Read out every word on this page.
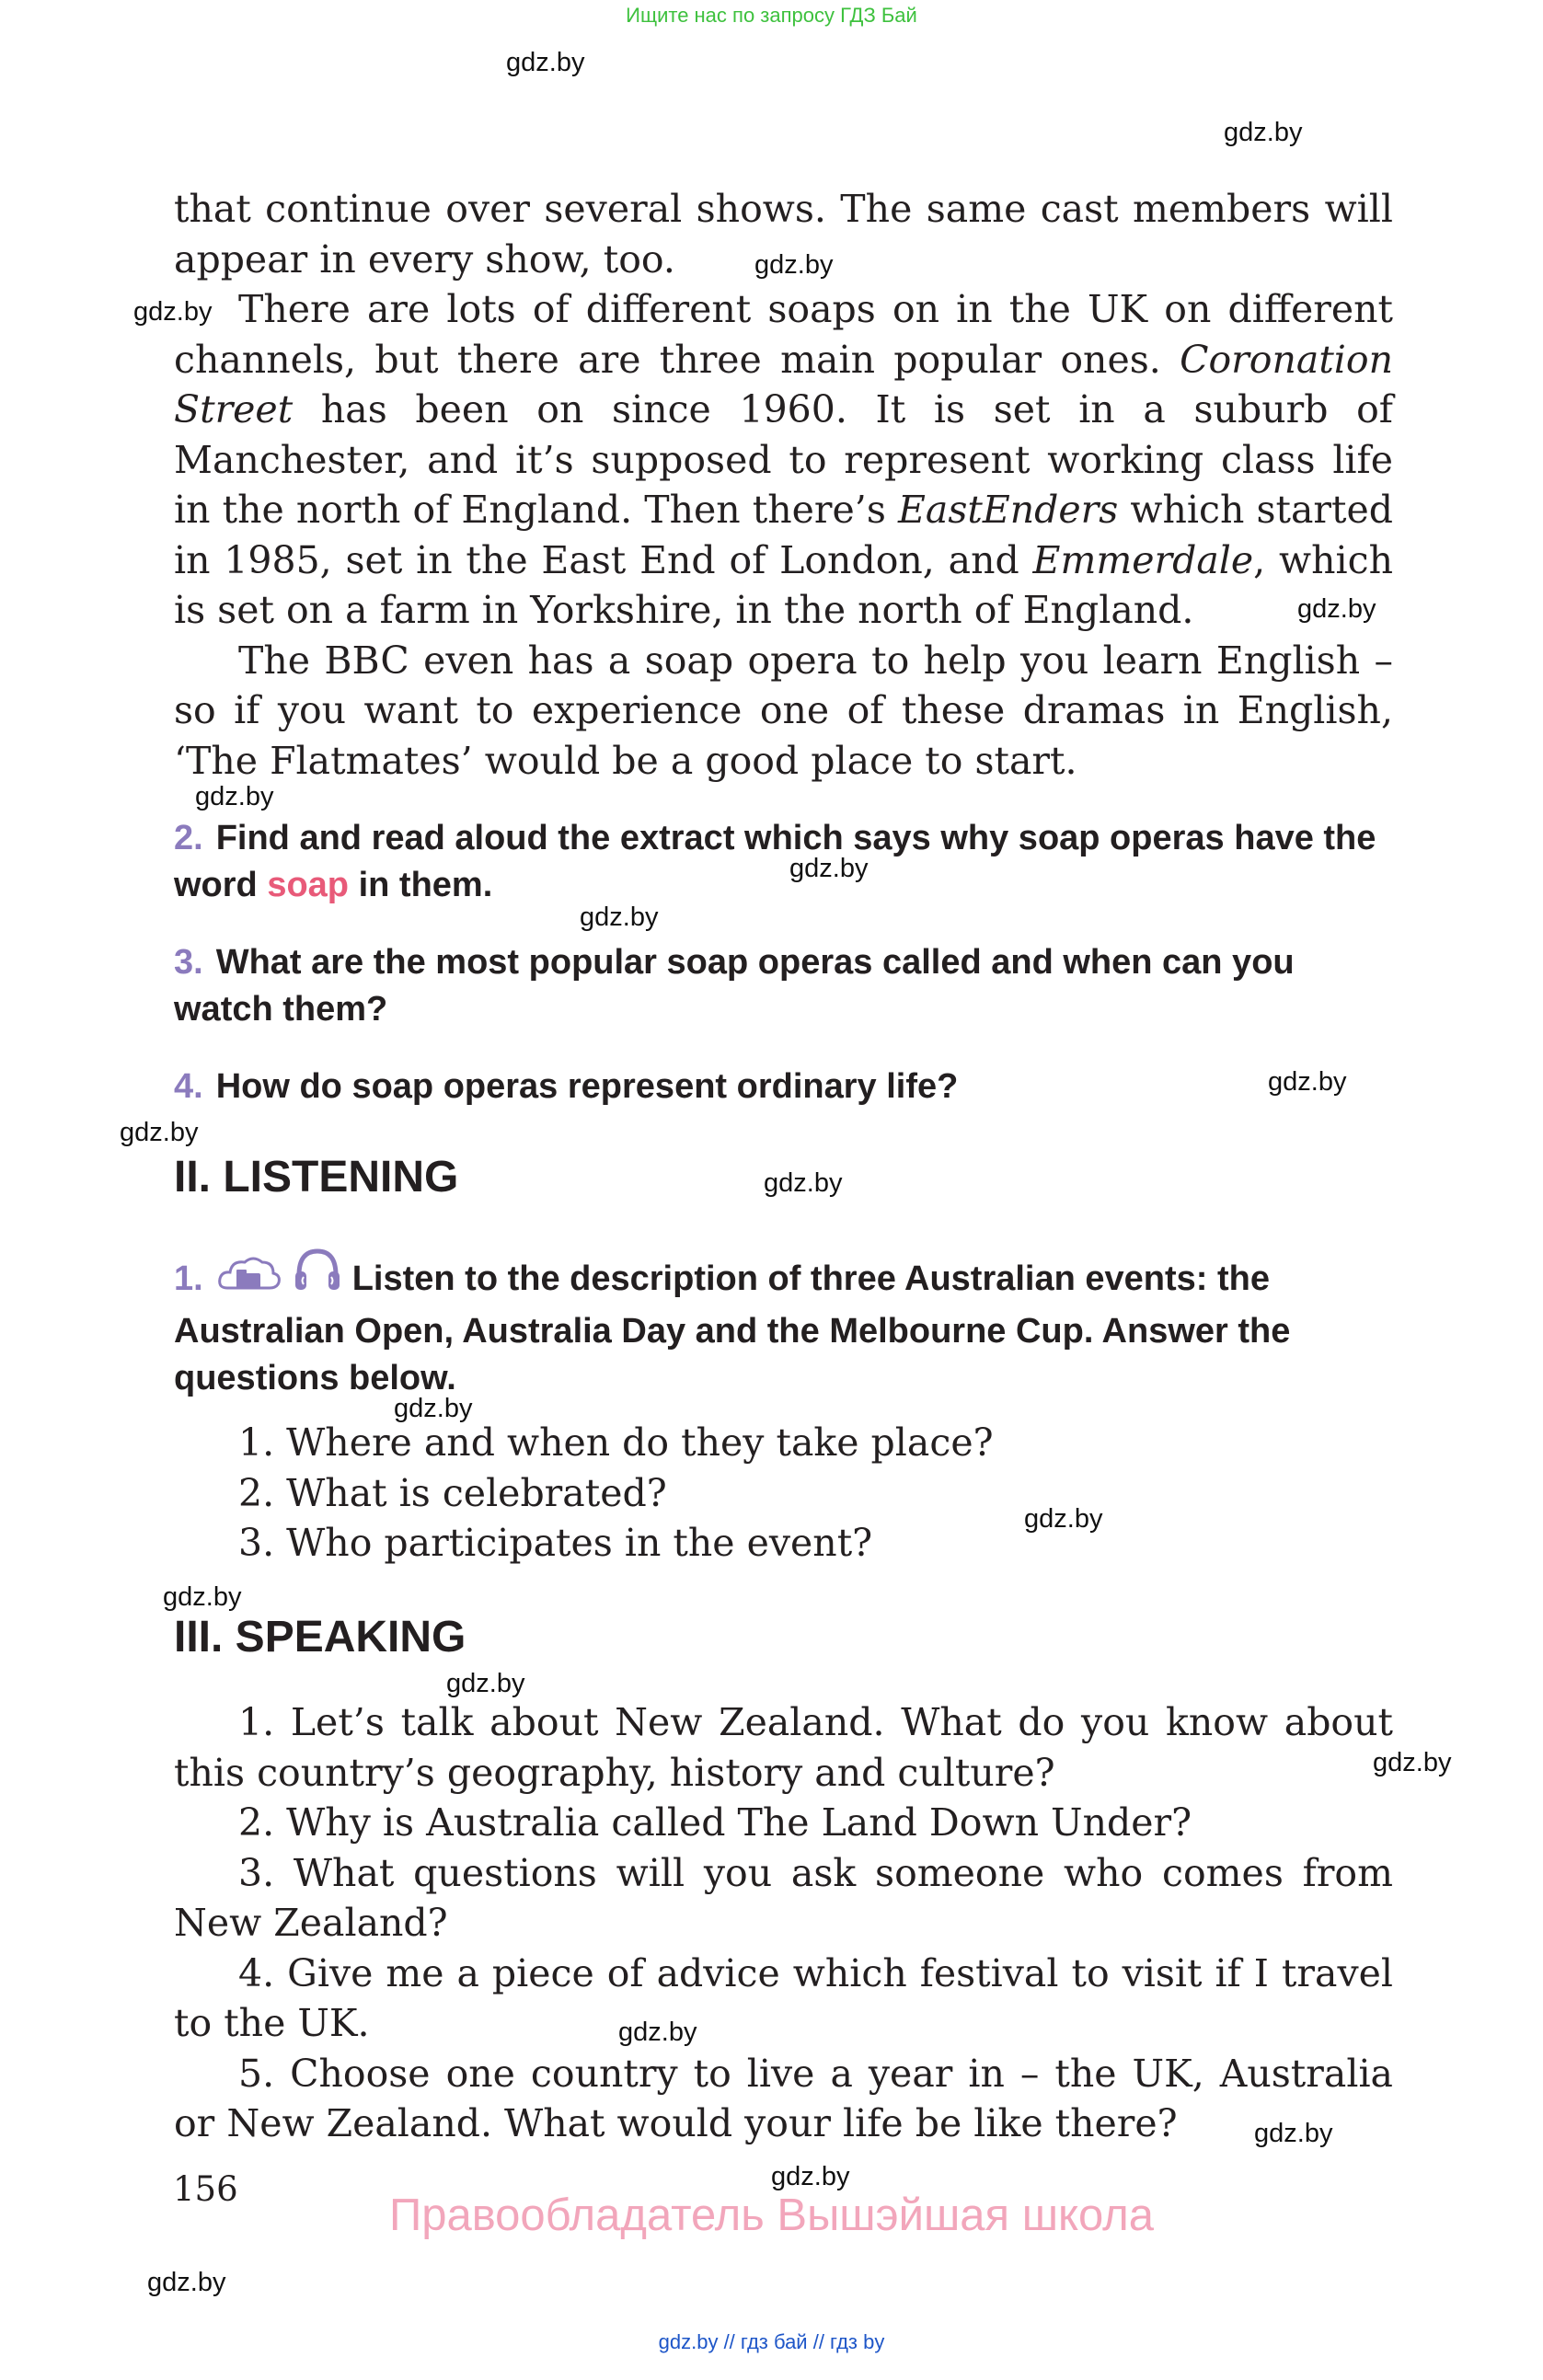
Ищите нас по запросу ГДЗ Бай
gdz.by
gdz.by
gdz.by
gdz.by
gdz.by
gdz.by
gdz.by
gdz.by
gdz.by
gdz.by
gdz.by
gdz.by
gdz.by
gdz.by
gdz.by
gdz.by
gdz.by
gdz.by
gdz.by
gdz.by

that continue over several shows. The same cast members will appear in every show, too.

There are lots of different soaps on in the UK on different channels, but there are three main popular ones. Coronation Street has been on since 1960. It is set in a suburb of Manchester, and it’s supposed to represent working class life in the north of England. Then there’s EastEnders which started in 1985, set in the East End of London, and Emmerdale, which is set on a farm in Yorkshire, in the north of England.

The BBC even has a soap opera to help you learn English – so if you want to experience one of these dramas in English, ‘The Flatmates’ would be a good place to start.

2. Find and read aloud the extract which says why soap operas have the word soap in them.

3. What are the most popular soap operas called and when can you watch them?

4. How do soap operas represent ordinary life?

II. LISTENING

1.	Listen to the description of three Australian events: the Australian Open, Australia Day and the Melbourne Cup. Answer the questions below.

1. Where and when do they take place?

2. What is celebrated?

3. Who participates in the event?

III. SPEAKING

1. Let’s talk about New Zealand. What do you know about this country’s geography, history and culture?

2. Why is Australia called The Land Down Under?

3. What questions will you ask someone who comes from New Zealand?

4. Give me a piece of advice which festival to visit if I travel to the UK.

5. Choose one country to live a year in – the UK, Australia or New Zealand. What would your life be like there?

156
Правообладатель Вышэйшая школа
gdz.by // гдз бай // гдз by
